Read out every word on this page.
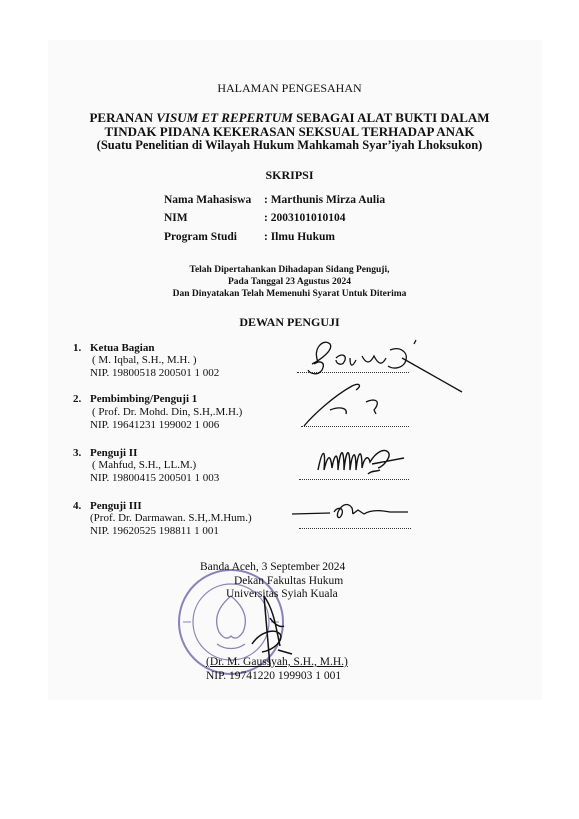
HALAMAN PENGESAHAN
PERANAN VISUM ET REPERTUM SEBAGAI ALAT BUKTI DALAM
TINDAK PIDANA KEKERASAN SEKSUAL TERHADAP ANAK
(Suatu Penelitian di Wilayah Hukum Mahkamah Syar’iyah Lhoksukon)
SKRIPSI
Nama Mahasiswa : Marthunis Mirza Aulia
NIM	: 2003101010104
Program Studi : Ilmu Hukum
Telah Dipertahankan Dihadapan Sidang Penguji,
Pada Tanggal 23 Agustus 2024
Dan Dinyatakan Telah Memenuhi Syarat Untuk Diterima
DEWAN PENGUJI
1. Ketua Bagian
( M. Iqbal, S.H., M.H. )
NIP. 19800518 200501 1 002
2. Pembimbing/Penguji 1
( Prof. Dr. Mohd. Din, S.H,.M.H.)
NIP. 19641231 199002 1 006
3. Penguji II
( Mahfud, S.H., LL.M.)
NIP. 19800415 200501 1 003
4. Penguji III
(Prof. Dr. Darmawan. S.H,.M.Hum.)
NIP. 19620525 198811 1 001
Banda Aceh, 3 September 2024
Dekan Fakultas Hukum
Universitas Syiah Kuala
(Dr. M. Gaussyah, S.H., M.H.)
NIP. 19741220 199903 1 001
